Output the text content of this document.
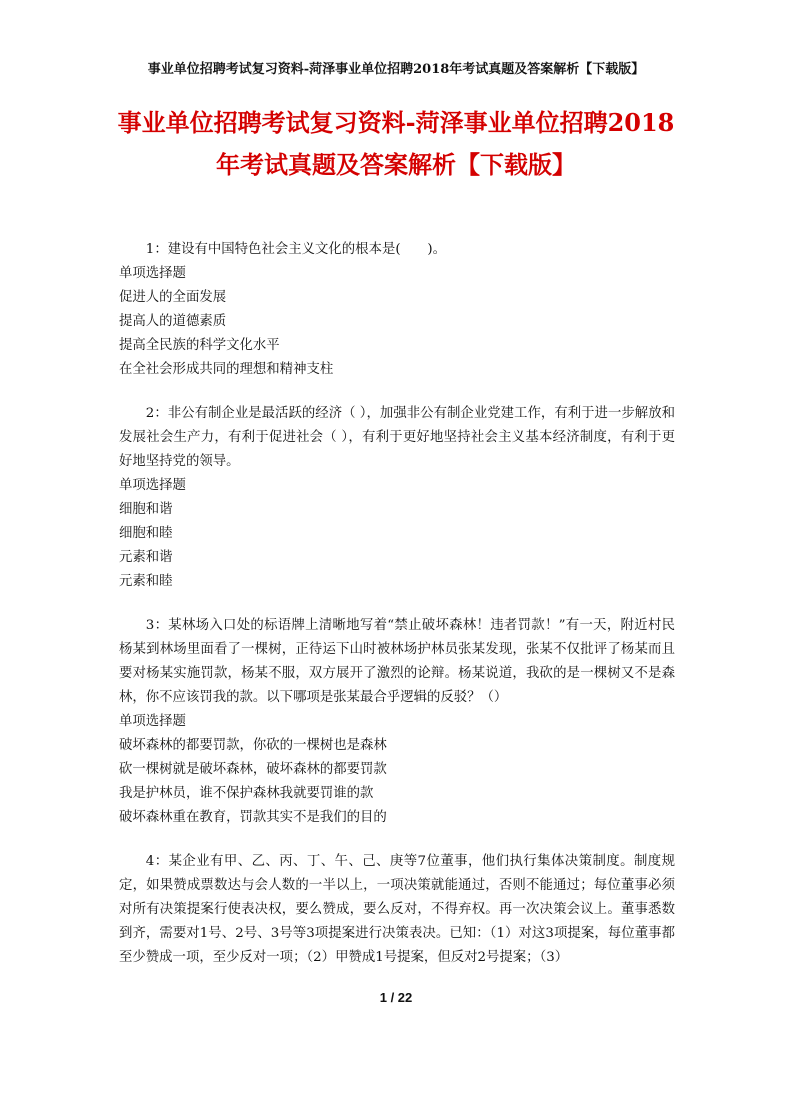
事业单位招聘考试复习资料-菏泽事业单位招聘2018年考试真题及答案解析【下载版】
事业单位招聘考试复习资料-菏泽事业单位招聘2018
年考试真题及答案解析【下载版】

1：建设有中国特色社会主义文化的根本是(　　)。

单项选择题

促进人的全面发展

提高人的道德素质

提高全民族的科学文化水平

在全社会形成共同的理想和精神支柱

2：非公有制企业是最活跃的经济（ ），加强非公有制企业党建工作，有利于进一步解放和发展社会生产力，有利于促进社会（ ），有利于更好地坚持社会主义基本经济制度，有利于更好地坚持党的领导。

单项选择题

细胞和谐

细胞和睦

元素和谐

元素和睦

3：某林场入口处的标语牌上清晰地写着“禁止破坏森林！违者罚款！”有一天，附近村民杨某到林场里面看了一棵树，正待运下山时被林场护林员张某发现，张某不仅批评了杨某而且要对杨某实施罚款，杨某不服，双方展开了激烈的论辩。杨某说道，我砍的是一棵树又不是森林，你不应该罚我的款。以下哪项是张某最合乎逻辑的反驳？（）

单项选择题

破坏森林的都要罚款，你砍的一棵树也是森林

砍一棵树就是破坏森林，破坏森林的都要罚款

我是护林员，谁不保护森林我就要罚谁的款

破坏森林重在教育，罚款其实不是我们的目的

4：某企业有甲、乙、丙、丁、午、己、庚等7位董事，他们执行集体决策制度。制度规定，如果赞成票数达与会人数的一半以上，一项决策就能通过，否则不能通过；每位董事必须对所有决策提案行使表决权，要么赞成，要么反对，不得弃权。再一次决策会议上。董事悉数到齐，需要对1号、2号、3号等3项提案进行决策表决。已知：（1）对这3项提案，每位董事都至少赞成一项，至少反对一项；（2）甲赞成1号提案，但反对2号提案；（3）

1 / 22
